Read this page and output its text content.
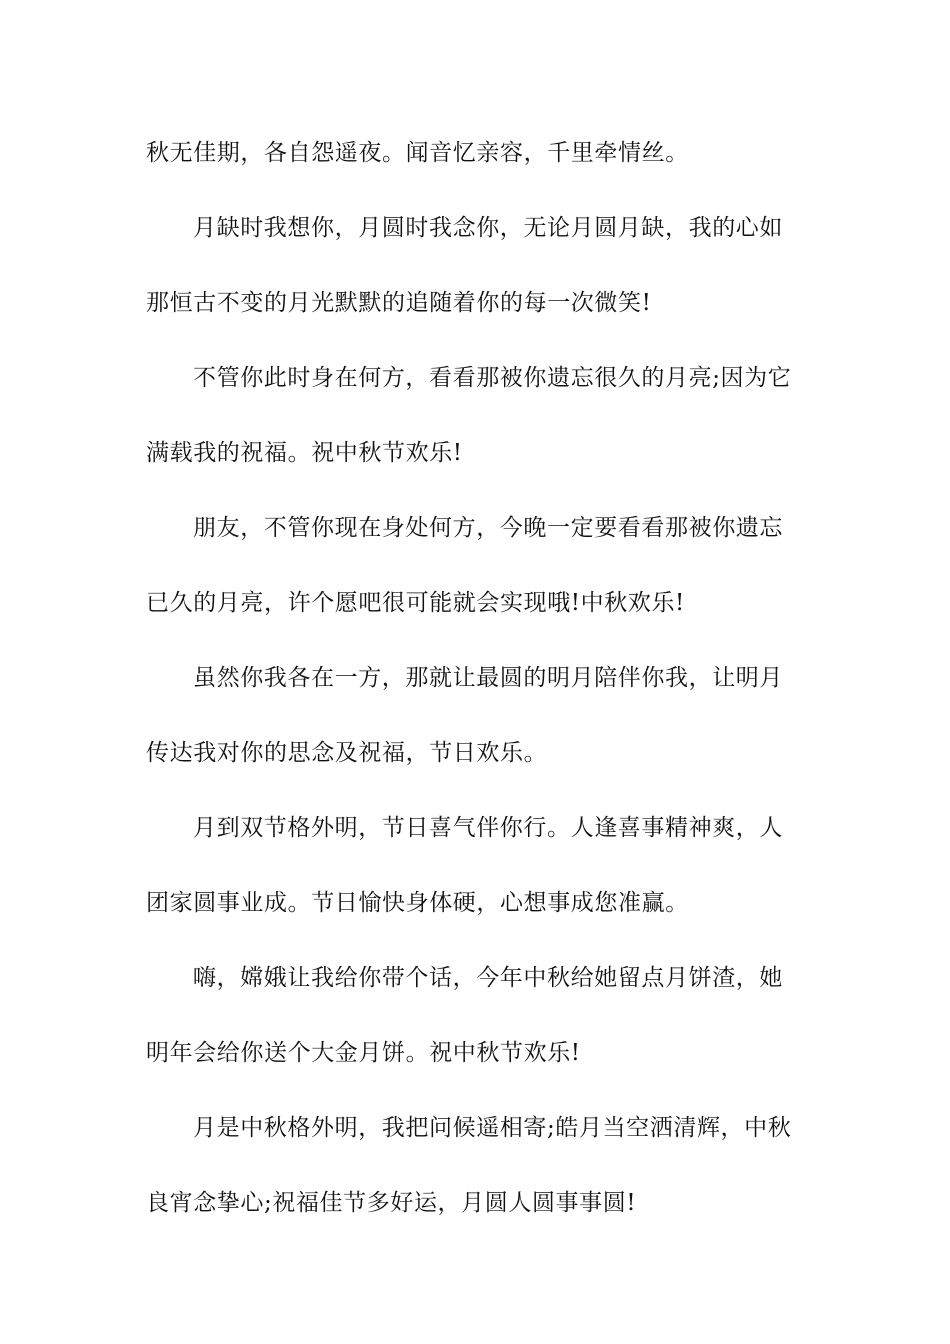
秋无佳期，各自怨遥夜。闻音忆亲容，千里牵情丝。
月缺时我想你，月圆时我念你，无论月圆月缺，我的心如
那恒古不变的月光默默的追随着你的每一次微笑!
不管你此时身在何方，看看那被你遗忘很久的月亮;因为它
满载我的祝福。祝中秋节欢乐!
朋友，不管你现在身处何方，今晚一定要看看那被你遗忘
已久的月亮，许个愿吧很可能就会实现哦!中秋欢乐!
虽然你我各在一方，那就让最圆的明月陪伴你我，让明月
传达我对你的思念及祝福，节日欢乐。
月到双节格外明，节日喜气伴你行。人逢喜事精神爽，人
团家圆事业成。节日愉快身体硬，心想事成您准赢。
嗨，嫦娥让我给你带个话，今年中秋给她留点月饼渣，她
明年会给你送个大金月饼。祝中秋节欢乐!
月是中秋格外明，我把问候遥相寄;皓月当空洒清辉，中秋
良宵念挚心;祝福佳节多好运，月圆人圆事事圆!
